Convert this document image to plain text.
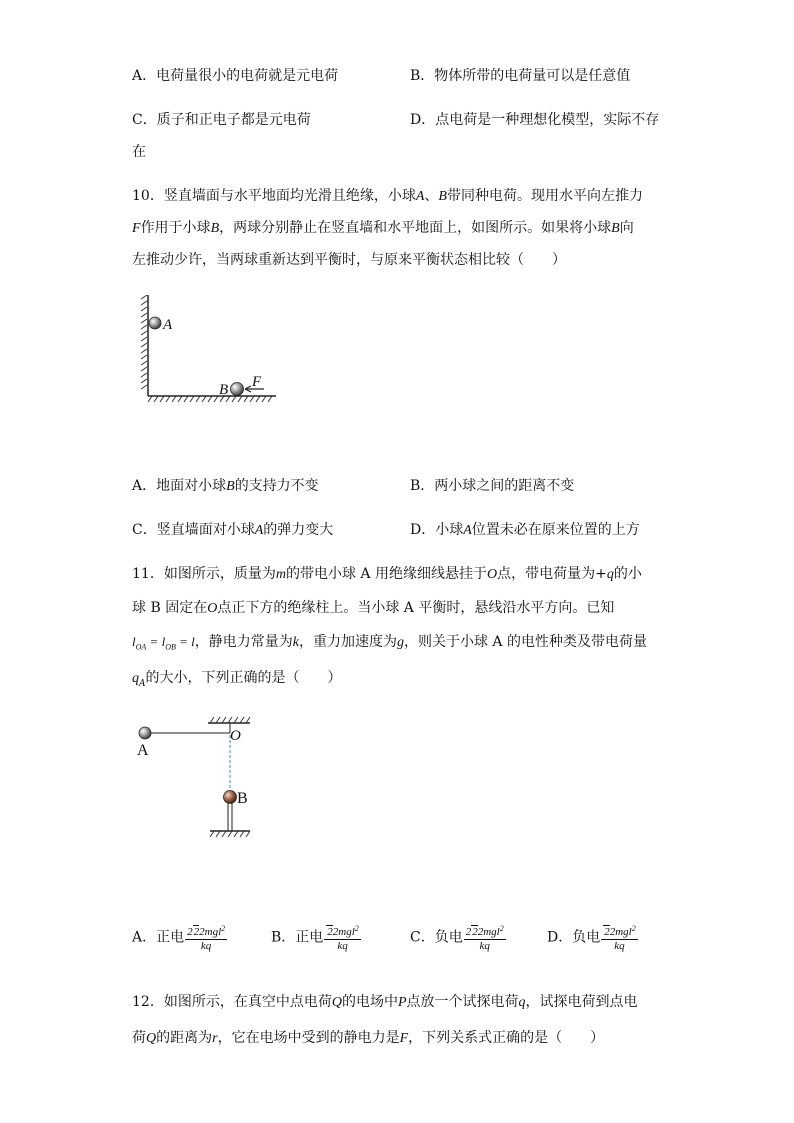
A．电荷量很小的电荷就是元电荷	B．物体所带的电荷量可以是任意值
C．质子和正电子都是元电荷	D．点电荷是一种理想化模型，实际不存
在
10．竖直墙面与水平地面均光滑且绝缘，小球A、B带同种电荷。现用水平向左推力
F作用于小球B，两球分别静止在竖直墙和水平地面上，如图所示。如果将小球B向
左推动少许，当两球重新达到平衡时，与原来平衡状态相比较（　　）
A
B F
A．地面对小球B的支持力不变	B．两小球之间的距离不变
C．竖直墙面对小球A的弹力变大	D．小球A位置未必在原来位置的上方
11．如图所示，质量为m的带电小球 A 用绝缘细线悬挂于O点，带电荷量为+q的小
球 B 固定在O点正下方的绝缘柱上。当小球 A 平衡时，悬线沿水平方向。已知
$l_{OA} = l_{OB} = l$，静电力常量为k，重力加速度为g，则关于小球 A 的电性种类及带电荷量
$q_A$的大小，下列正确的是（　　）
A
O
B
A．正电 $\frac{222mgl^2}{kq}$	B．正电 $\frac{22mgl^2}{kq}$	C．负电 $\frac{222mgl^2}{kq}$	D．负电 $\frac{22mgl^2}{kq}$
12．如图所示，在真空中点电荷Q的电场中P点放一个试探电荷q，试探电荷到点电
荷Q的距离为r，它在电场中受到的静电力是F，下列关系式正确的是（　　）
